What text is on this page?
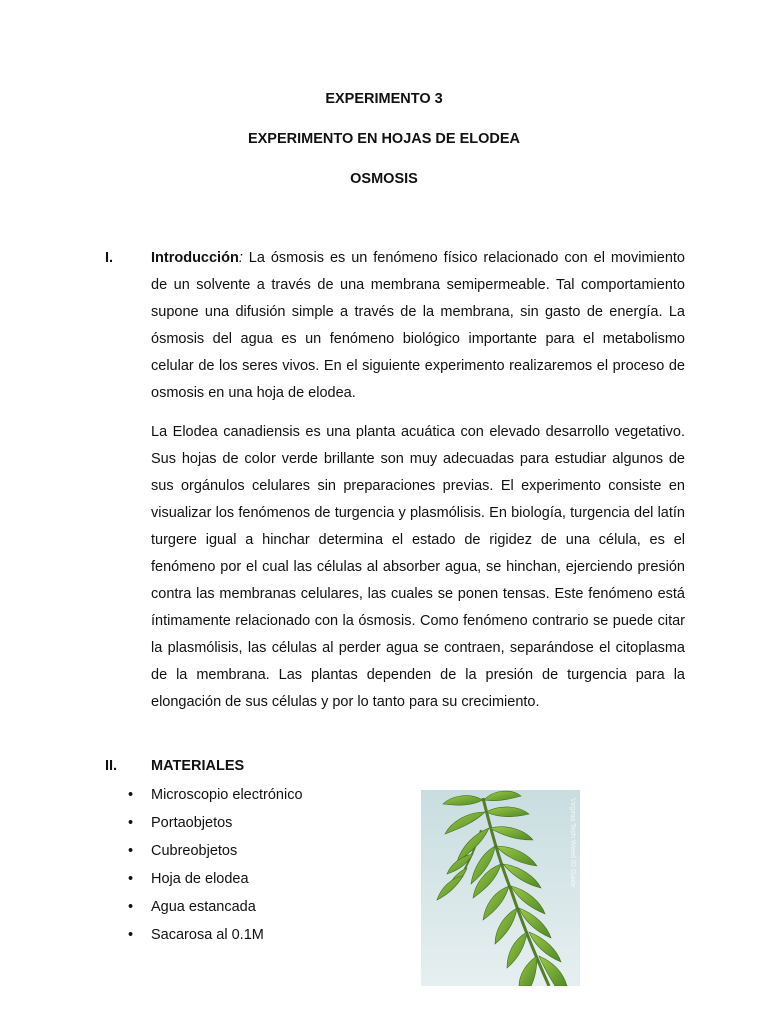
EXPERIMENTO 3
EXPERIMENTO EN HOJAS DE ELODEA
OSMOSIS
I.	Introducción: La ósmosis es un fenómeno físico relacionado con el movimiento de un solvente a través de una membrana semipermeable. Tal comportamiento supone una difusión simple a través de la membrana, sin gasto de energía. La ósmosis del agua es un fenómeno biológico importante para el metabolismo celular de los seres vivos. En el siguiente experimento realizaremos el proceso de osmosis en una hoja de elodea.

La Elodea canadiensis es una planta acuática con elevado desarrollo vegetativo. Sus hojas de color verde brillante son muy adecuadas para estudiar algunos de sus orgánulos celulares sin preparaciones previas. El experimento consiste en visualizar los fenómenos de turgencia y plasmólisis. En biología, turgencia del latín turgere igual a hinchar determina el estado de rigidez de una célula, es el fenómeno por el cual las células al absorber agua, se hinchan, ejerciendo presión contra las membranas celulares, las cuales se ponen tensas. Este fenómeno está íntimamente relacionado con la ósmosis. Como fenómeno contrario se puede citar la plasmólisis, las células al perder agua se contraen, separándose el citoplasma de la membrana. Las plantas dependen de la presión de turgencia para la elongación de sus células y por lo tanto para su crecimiento.

II. MATERIALES
• Microscopio electrónico
• Portaobjetos
• Cubreobjetos
• Hoja de elodea
• Agua estancada
• Sacarosa al 0.1M
Virginia Tech Weed ID Guide
